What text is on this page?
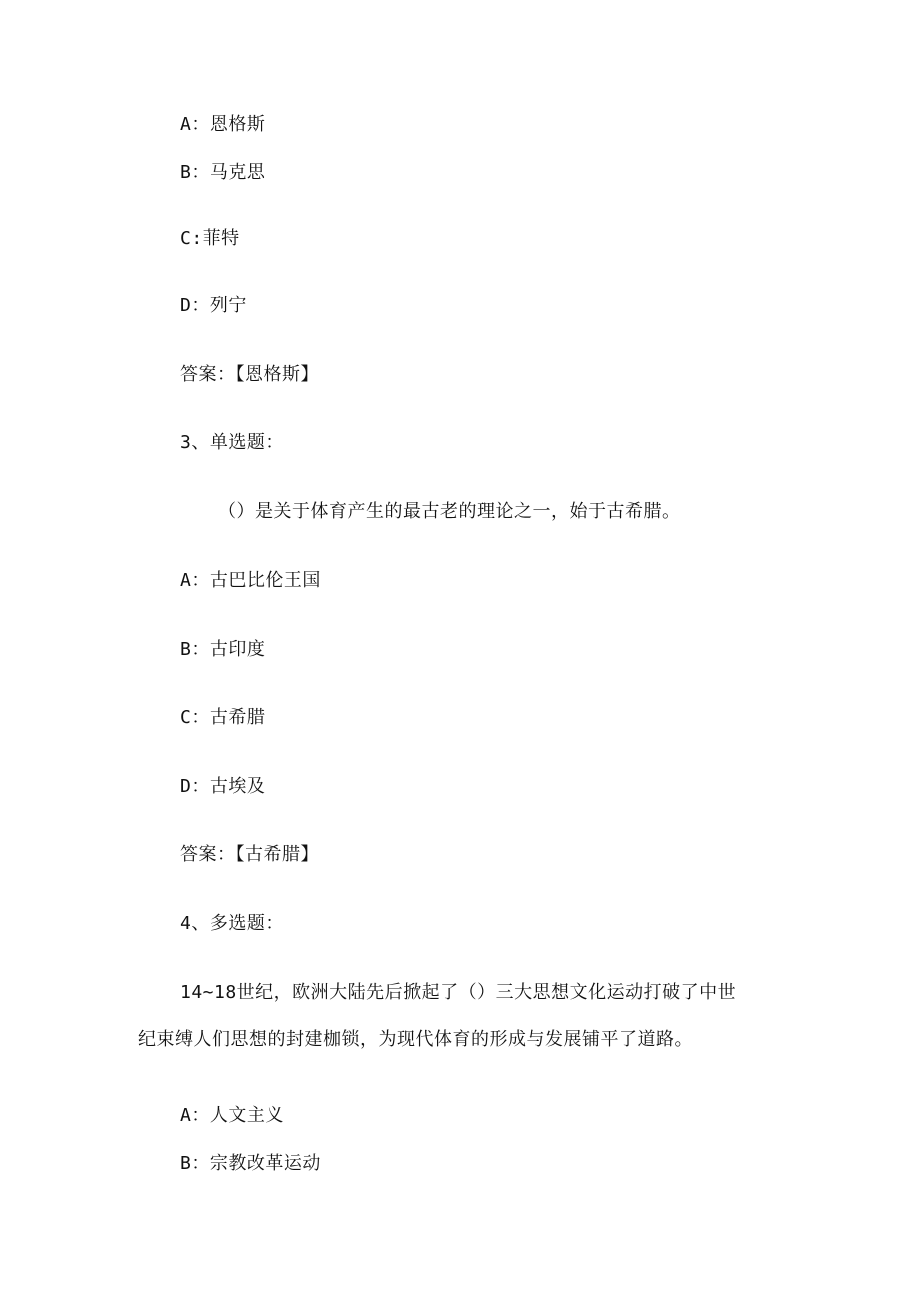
A：恩格斯
B：马克思
C:菲特
D：列宁
答案：【恩格斯】
3、单选题：
（）是关于体育产生的最古老的理论之一，始于古希腊。
A：古巴比伦王国
B：古印度
C：古希腊
D：古埃及
答案：【古希腊】
4、多选题：
14~18世纪，欧洲大陆先后掀起了（）三大思想文化运动打破了中世
纪束缚人们思想的封建枷锁，为现代体育的形成与发展铺平了道路。
A：人文主义
B：宗教改革运动
